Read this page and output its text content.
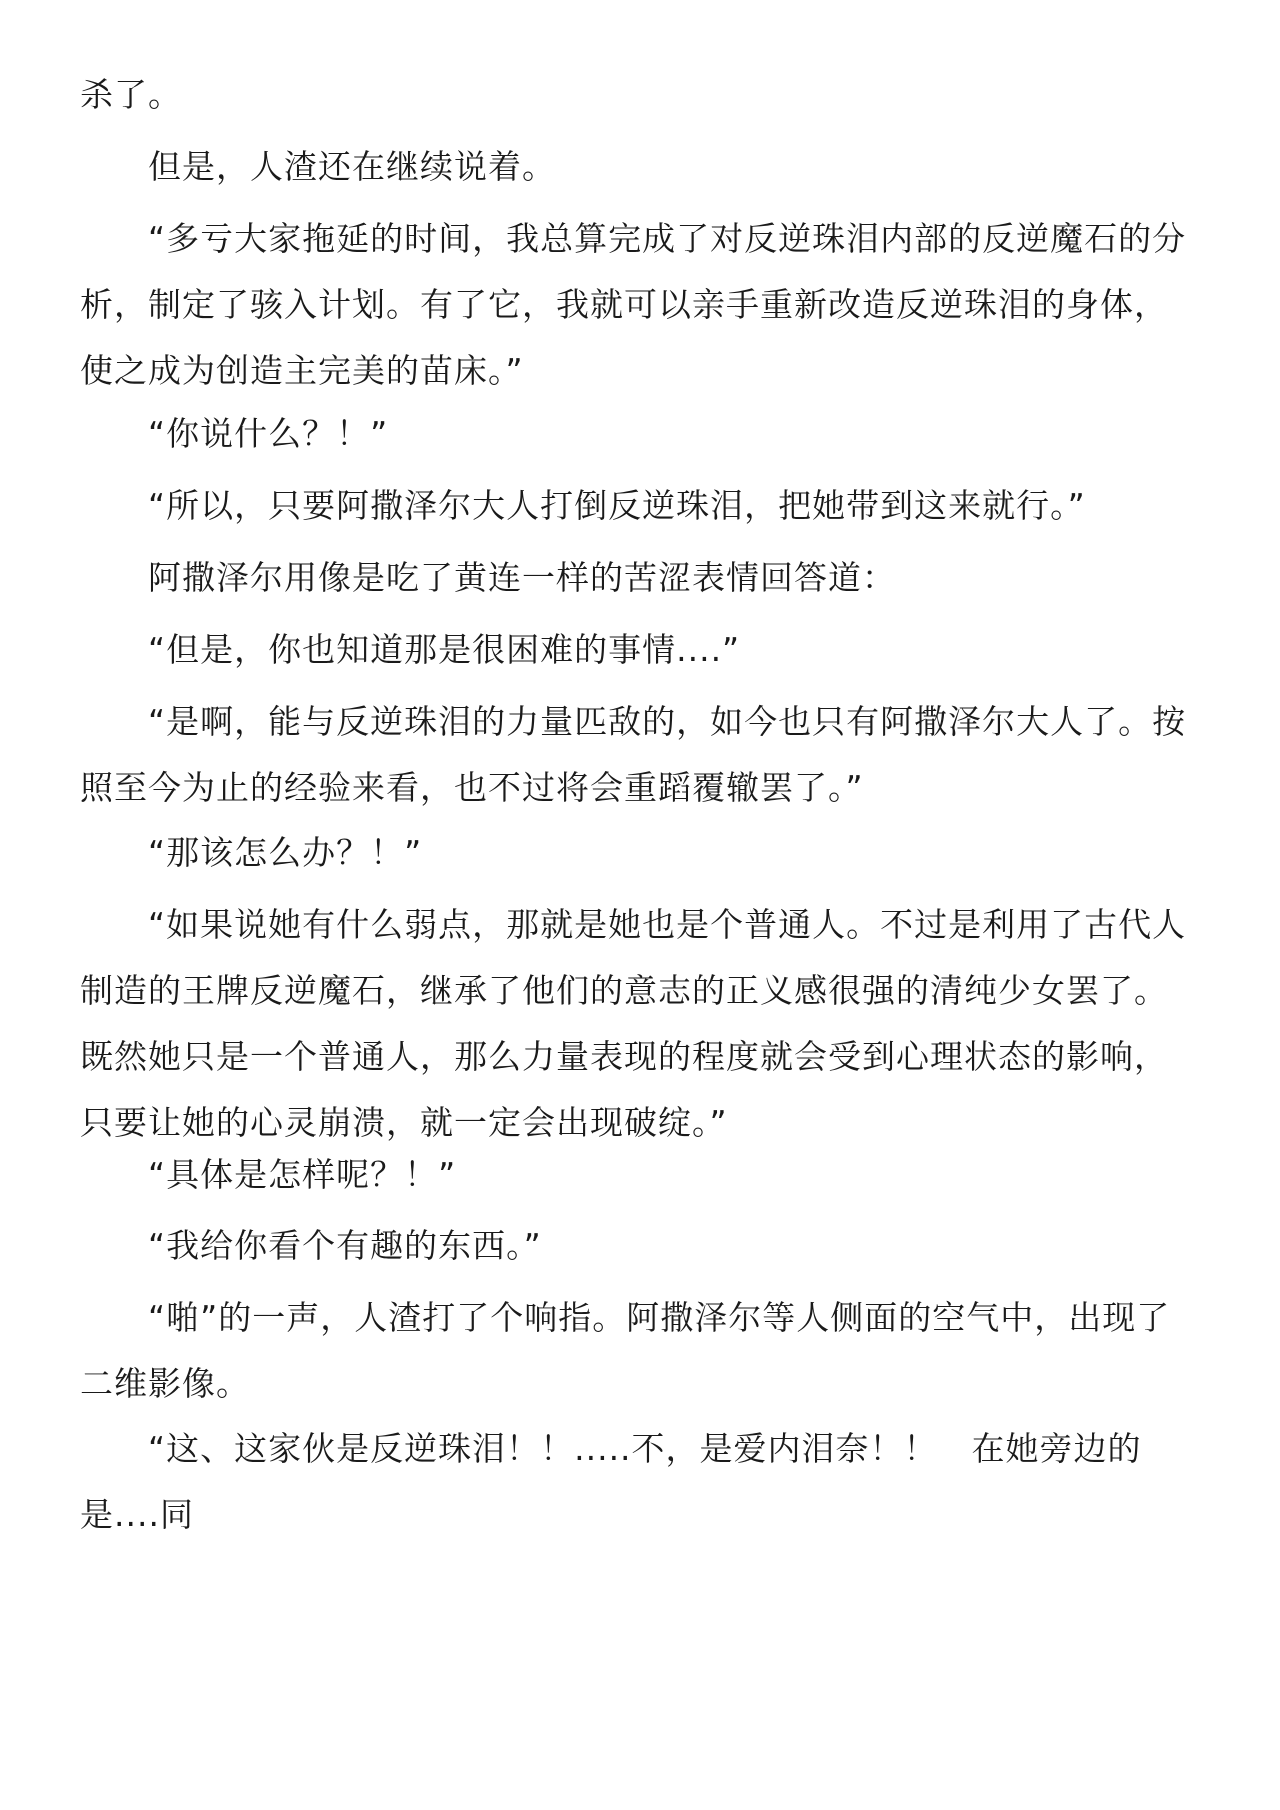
杀了。

但是，人渣还在继续说着。

“多亏大家拖延的时间，我总算完成了对反逆珠泪内部的反逆魔石的分析，制定了骇入计划。有了它，我就可以亲手重新改造反逆珠泪的身体，使之成为创造主完美的苗床。”

“你说什么？！”

“所以，只要阿撒泽尔大人打倒反逆珠泪，把她带到这来就行。”

阿撒泽尔用像是吃了黄连一样的苦涩表情回答道：

“但是，你也知道那是很困难的事情....”

“是啊，能与反逆珠泪的力量匹敌的，如今也只有阿撒泽尔大人了。按照至今为止的经验来看，也不过将会重蹈覆辙罢了。”

“那该怎么办？！”

“如果说她有什么弱点，那就是她也是个普通人。不过是利用了古代人制造的王牌反逆魔石，继承了他们的意志的正义感很强的清纯少女罢了。既然她只是一个普通人，那么力量表现的程度就会受到心理状态的影响，只要让她的心灵崩溃，就一定会出现破绽。”

“具体是怎样呢？！”

“我给你看个有趣的东西。”

“啪”的一声，人渣打了个响指。阿撒泽尔等人侧面的空气中，出现了二维影像。

“这、这家伙是反逆珠泪！！.....不，是爱内泪奈！！　在她旁边的是....同
